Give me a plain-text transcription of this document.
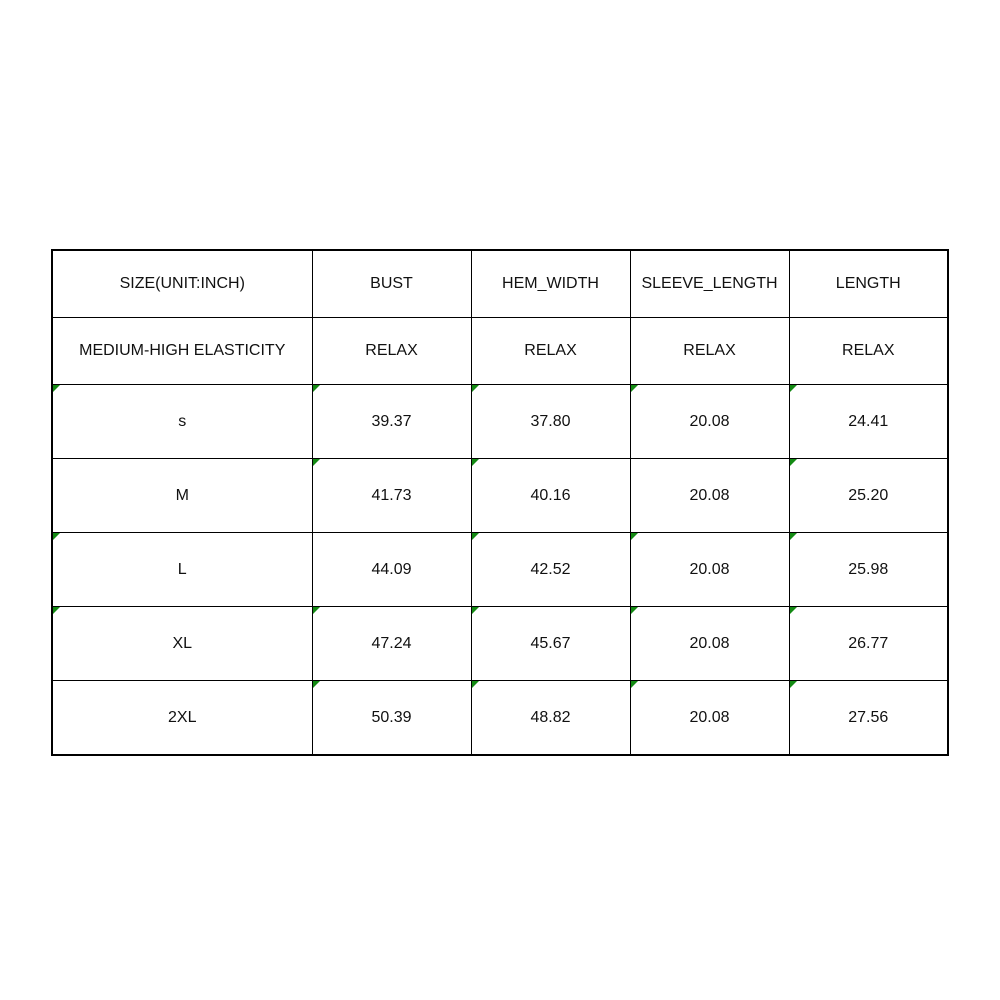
SIZE(UNIT:INCH)	BUST	HEM_WIDTH	SLEEVE_LENGTH	LENGTH
MEDIUM-HIGH ELASTICITY	RELAX	RELAX	RELAX	RELAX

s	39.37	37.80	20.08	24.41
M	41.73	40.16	20.08	25.20

L	44.09	42.52	20.08	25.98

XL	47.24	45.67	20.08	26.77
2XL	50.39	48.82	20.08	27.56
